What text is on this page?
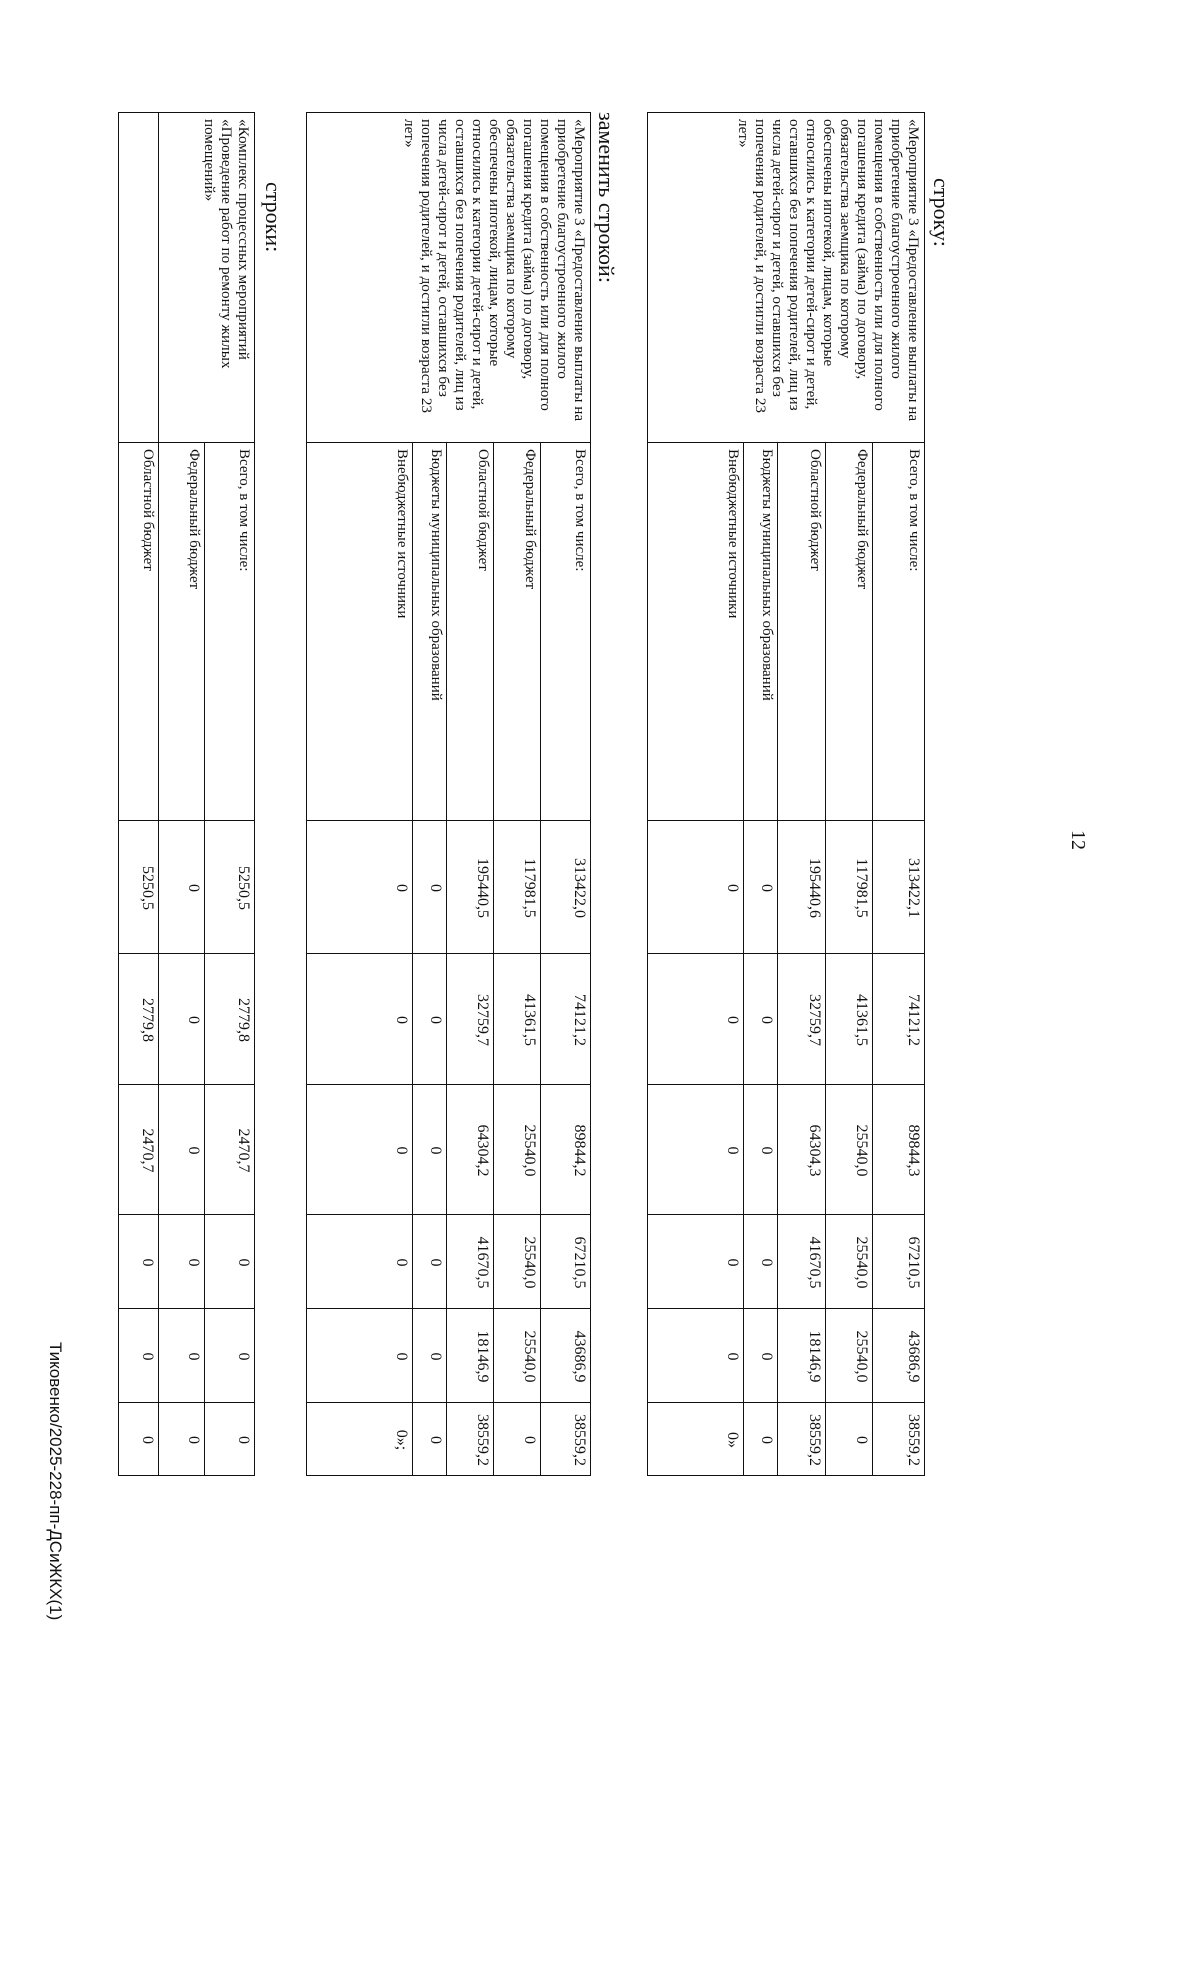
12
Тиковенко/2025-228-пп-ДСиЖКХ(1)
строку:
«Мероприятие 3 «Предоставление выплаты на приобретение благоустроенного жилого помещения в собственность или для полного погашения кредита (займа) по договору, обязательства заемщика по которому обеспечены ипотекой, лицам, которые относились к категории детей-сирот и детей, оставшихся без попечения родителей, лиц из числа детей-сирот и детей, оставшихся без попечения родителей, и достигли возраста 23 лет»	Всего, в том числе:	313422,1	74121,2	89844,3	67210,5	43686,9	38559,2
	Федеральный бюджет	117981,5	41361,5	25540,0	25540,0	25540,0	0
	Областной бюджет	195440,6	32759,7	64304,3	41670,5	18146,9	38559,2
	Бюджеты муниципальных образований	0	0	0	0	0	0
	Внебюджетные источники	0	0	0	0	0	0»
заменить строкой:
«Мероприятие 3 «Предоставление выплаты на приобретение благоустроенного жилого помещения в собственность или для полного погашения кредита (займа) по договору, обязательства заемщика по которому обеспечены ипотекой, лицам, которые относились к категории детей-сирот и детей, оставшихся без попечения родителей, лиц из числа детей-сирот и детей, оставшихся без попечения родителей, и достигли возраста 23 лет»	Всего, в том числе:	313422,0	74121,2	89844,2	67210,5	43686,9	38559,2
	Федеральный бюджет	117981,5	41361,5	25540,0	25540,0	25540,0	0
	Областной бюджет	195440,5	32759,7	64304,2	41670,5	18146,9	38559,2
	Бюджеты муниципальных образований	0	0	0	0	0	0
	Внебюджетные источники	0	0	0	0	0	0»;
строки:
«Комплекс процессных мероприятий «Проведение работ по ремонту жилых помещений»	Всего, в том числе:	5250,5	2779,8	2470,7	0	0	0
	Федеральный бюджет	0	0	0	0	0	0
	Областной бюджет	5250,5	2779,8	2470,7	0	0	0
